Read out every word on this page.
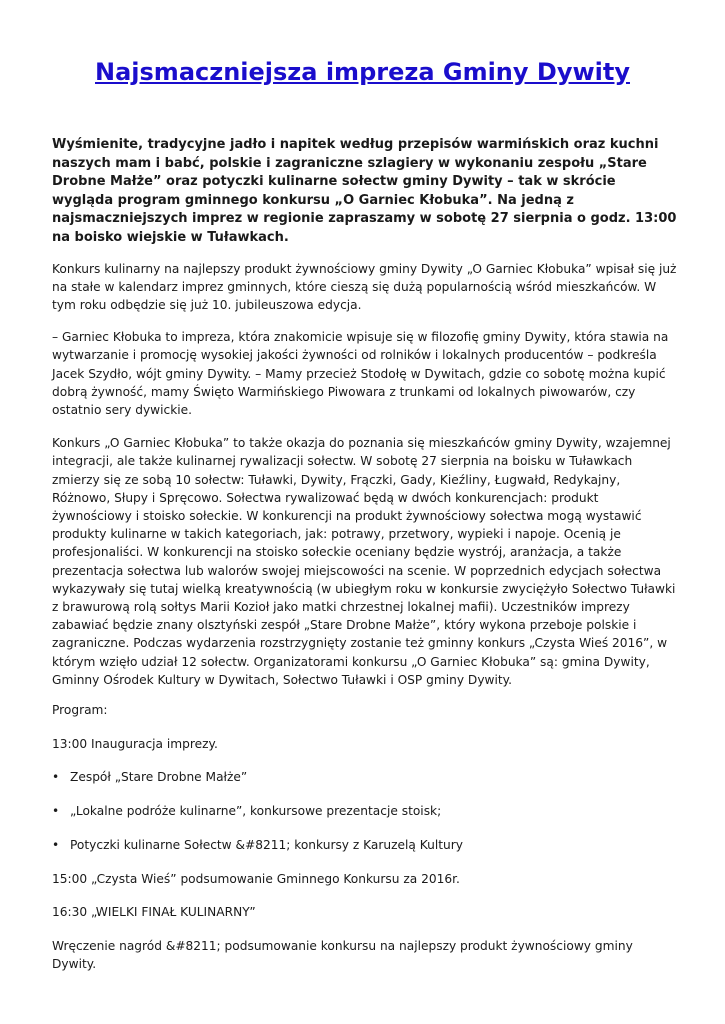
Najsmaczniejsza impreza Gminy Dywity

Wyśmienite, tradycyjne jadło i napitek według przepisów warmińskich oraz kuchni naszych mam i babć, polskie i zagraniczne szlagiery w wykonaniu zespołu „Stare Drobne Małże” oraz potyczki kulinarne sołectw gminy Dywity – tak w skrócie wygląda program gminnego konkursu „O Garniec Kłobuka”. Na jedną z najsmaczniejszych imprez w regionie zapraszamy w sobotę 27 sierpnia o godz. 13:00 na boisko wiejskie w Tuławkach.

Konkurs kulinarny na najlepszy produkt żywnościowy gminy Dywity „O Garniec Kłobuka” wpisał się już na stałe w kalendarz imprez gminnych, które cieszą się dużą popularnością wśród mieszkańców. W tym roku odbędzie się już 10. jubileuszowa edycja.

– Garniec Kłobuka to impreza, która znakomicie wpisuje się w filozofię gminy Dywity, która stawia na wytwarzanie i promocję wysokiej jakości żywności od rolników i lokalnych producentów – podkreśla Jacek Szydło, wójt gminy Dywity. – Mamy przecież Stodołę w Dywitach, gdzie co sobotę można kupić dobrą żywność, mamy Święto Warmińskiego Piwowara z trunkami od lokalnych piwowarów, czy ostatnio sery dywickie.

Konkurs „O Garniec Kłobuka” to także okazja do poznania się mieszkańców gminy Dywity, wzajemnej integracji, ale także kulinarnej rywalizacji sołectw. W sobotę 27 sierpnia na boisku w Tuławkach zmierzy się ze sobą 10 sołectw: Tuławki, Dywity, Frączki, Gady, Kieźliny, Ługwałd, Redykajny, Różnowo, Słupy i Spręcowo. Sołectwa rywalizować będą w dwóch konkurencjach: produkt żywnościowy i stoisko sołeckie. W konkurencji na produkt żywnościowy sołectwa mogą wystawić produkty kulinarne w takich kategoriach, jak: potrawy, przetwory, wypieki i napoje. Ocenią je profesjonaliści. W konkurencji na stoisko sołeckie oceniany będzie wystrój, aranżacja, a także prezentacja sołectwa lub walorów swojej miejscowości na scenie. W poprzednich edycjach sołectwa wykazywały się tutaj wielką kreatywnością (w ubiegłym roku w konkursie zwyciężyło Sołectwo Tuławki z brawurową rolą sołtys Marii Kozioł jako matki chrzestnej lokalnej mafii). Uczestników imprezy zabawiać będzie znany olsztyński zespół „Stare Drobne Małże”, który wykona przeboje polskie i zagraniczne. Podczas wydarzenia rozstrzygnięty zostanie też gminny konkurs „Czysta Wieś 2016”, w którym wzięło udział 12 sołectw. Organizatorami konkursu „O Garniec Kłobuka” są: gmina Dywity, Gminny Ośrodek Kultury w Dywitach, Sołectwo Tuławki i OSP gminy Dywity.

Program:

13:00 Inauguracja imprezy.

• Zespół „Stare Drobne Małże”

• „Lokalne podróże kulinarne”, konkursowe prezentacje stoisk;

• Potyczki kulinarne Sołectw &#8211; konkursy z Karuzelą Kultury

15:00 „Czysta Wieś” podsumowanie Gminnego Konkursu za 2016r.

16:30 „WIELKI FINAŁ KULINARNY”

Wręczenie nagród &#8211; podsumowanie konkursu na najlepszy produkt żywnościowy gminy Dywity.
